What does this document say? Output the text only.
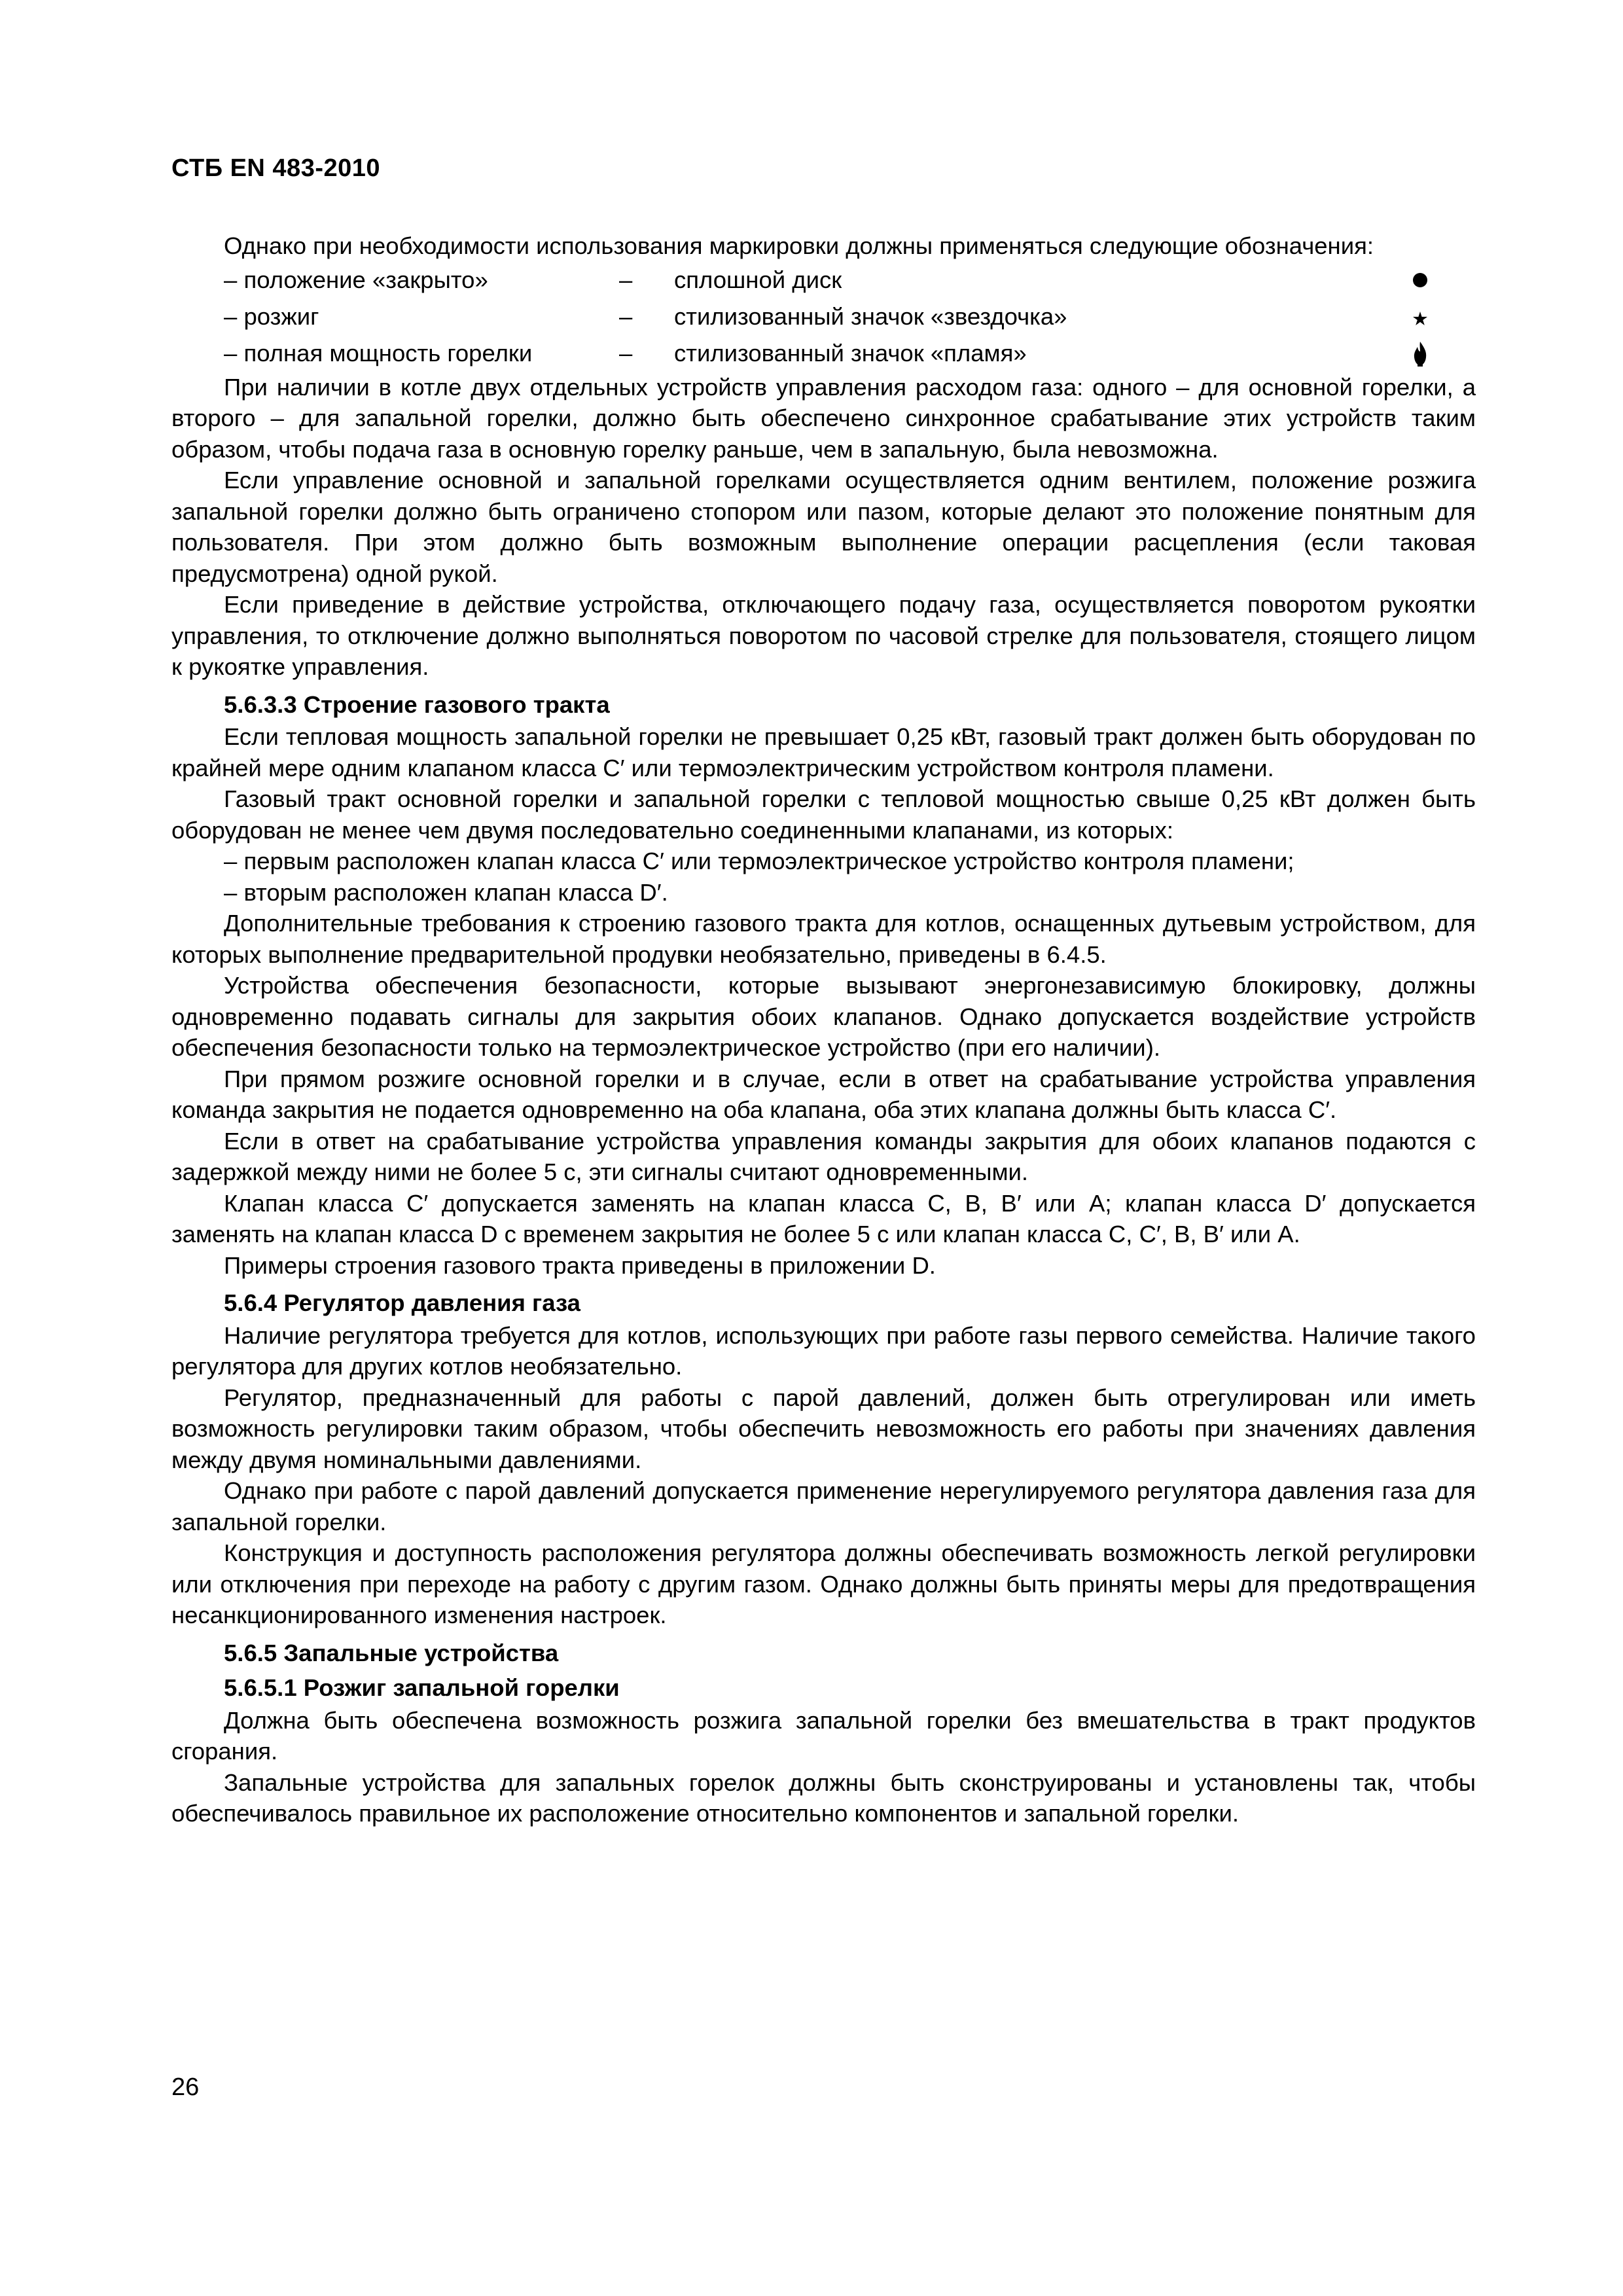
СТБ EN 483-2010

Однако при необходимости использования маркировки должны применяться следующие обозначения:

– положение «закрыто»	–	сплошной диск	

– розжиг	–	стилизованный значок «звездочка»	

– полная мощность горелки	–	стилизованный значок «пламя»	

При наличии в котле двух отдельных устройств управления расходом газа: одного – для основной горелки, а второго – для запальной горелки, должно быть обеспечено синхронное срабатывание этих устройств таким образом, чтобы подача газа в основную горелку раньше, чем в запальную, была невозможна.

Если управление основной и запальной горелками осуществляется одним вентилем, положение розжига запальной горелки должно быть ограничено стопором или пазом, которые делают это положение понятным для пользователя. При этом должно быть возможным выполнение операции расцепления (если таковая предусмотрена) одной рукой.

Если приведение в действие устройства, отключающего подачу газа, осуществляется поворотом рукоятки управления, то отключение должно выполняться поворотом по часовой стрелке для пользователя, стоящего лицом к рукоятке управления.

5.6.3.3 Строение газового тракта

Если тепловая мощность запальной горелки не превышает 0,25 кВт, газовый тракт должен быть оборудован по крайней мере одним клапаном класса C′ или термоэлектрическим устройством контроля пламени.

Газовый тракт основной горелки и запальной горелки с тепловой мощностью свыше 0,25 кВт должен быть оборудован не менее чем двумя последовательно соединенными клапанами, из которых:

– первым расположен клапан класса C′ или термоэлектрическое устройство контроля пламени;

– вторым расположен клапан класса D′.

Дополнительные требования к строению газового тракта для котлов, оснащенных дутьевым устройством, для которых выполнение предварительной продувки необязательно, приведены в 6.4.5.

Устройства обеспечения безопасности, которые вызывают энергонезависимую блокировку, должны одновременно подавать сигналы для закрытия обоих клапанов. Однако допускается воздействие устройств обеспечения безопасности только на термоэлектрическое устройство (при его наличии).

При прямом розжиге основной горелки и в случае, если в ответ на срабатывание устройства управления команда закрытия не подается одновременно на оба клапана, оба этих клапана должны быть класса C′.

Если в ответ на срабатывание устройства управления команды закрытия для обоих клапанов подаются с задержкой между ними не более 5 с, эти сигналы считают одновременными.

Клапан класса C′ допускается заменять на клапан класса C, B, B′ или A; клапан класса D′ допускается заменять на клапан класса D с временем закрытия не более 5 с или клапан класса C, C′, B, B′ или A.

Примеры строения газового тракта приведены в приложении D.

5.6.4 Регулятор давления газа

Наличие регулятора требуется для котлов, использующих при работе газы первого семейства. Наличие такого регулятора для других котлов необязательно.

Регулятор, предназначенный для работы с парой давлений, должен быть отрегулирован или иметь возможность регулировки таким образом, чтобы обеспечить невозможность его работы при значениях давления между двумя номинальными давлениями.

Однако при работе с парой давлений допускается применение нерегулируемого регулятора давления газа для запальной горелки.

Конструкция и доступность расположения регулятора должны обеспечивать возможность легкой регулировки или отключения при переходе на работу с другим газом. Однако должны быть приняты меры для предотвращения несанкционированного изменения настроек.

5.6.5 Запальные устройства

5.6.5.1 Розжиг запальной горелки

Должна быть обеспечена возможность розжига запальной горелки без вмешательства в тракт продуктов сгорания.

Запальные устройства для запальных горелок должны быть сконструированы и установлены так, чтобы обеспечивалось правильное их расположение относительно компонентов и запальной горелки.

26
